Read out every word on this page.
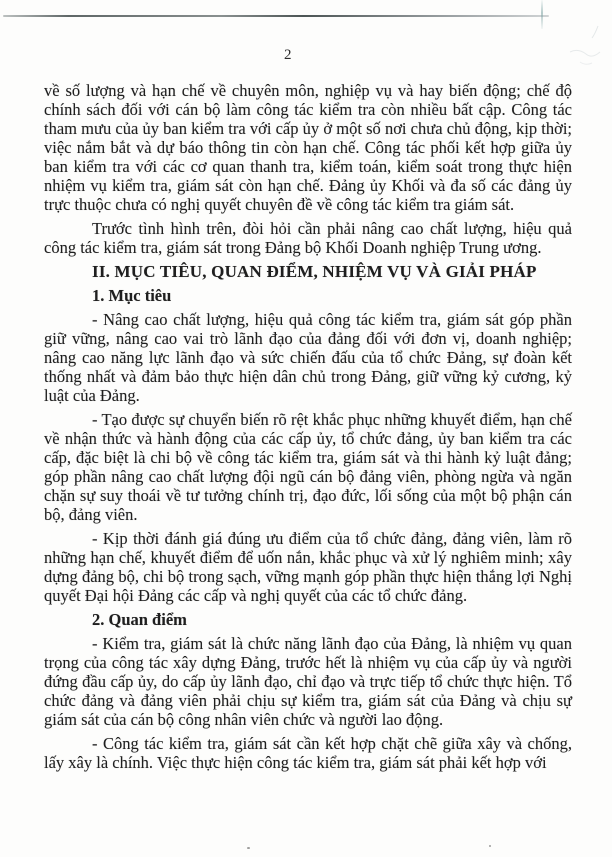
2

về số lượng và hạn chế về chuyên môn, nghiệp vụ và hay biến động; chế độ chính sách đối với cán bộ làm công tác kiểm tra còn nhiều bất cập. Công tác tham mưu của ủy ban kiểm tra với cấp ủy ở một số nơi chưa chủ động, kịp thời; việc nắm bắt và dự báo thông tin còn hạn chế. Công tác phối kết hợp giữa ủy ban kiểm tra với các cơ quan thanh tra, kiểm toán, kiểm soát trong thực hiện nhiệm vụ kiểm tra, giám sát còn hạn chế. Đảng ủy Khối và đa số các đảng ủy trực thuộc chưa có nghị quyết chuyên đề về công tác kiểm tra giám sát.

Trước tình hình trên, đòi hỏi cần phải nâng cao chất lượng, hiệu quả công tác kiểm tra, giám sát trong Đảng bộ Khối Doanh nghiệp Trung ương.

II. MỤC TIÊU, QUAN ĐIỂM, NHIỆM VỤ VÀ GIẢI PHÁP

1. Mục tiêu

- Nâng cao chất lượng, hiệu quả công tác kiểm tra, giám sát góp phần giữ vững, nâng cao vai trò lãnh đạo của đảng đối với đơn vị, doanh nghiệp; nâng cao năng lực lãnh đạo và sức chiến đấu của tổ chức Đảng, sự đoàn kết thống nhất và đảm bảo thực hiện dân chủ trong Đảng, giữ vững kỷ cương, kỷ luật của Đảng.

- Tạo được sự chuyển biến rõ rệt khắc phục những khuyết điểm, hạn chế về nhận thức và hành động của các cấp ủy, tổ chức đảng, ủy ban kiểm tra các cấp, đặc biệt là chi bộ về công tác kiểm tra, giám sát và thi hành kỷ luật đảng; góp phần nâng cao chất lượng đội ngũ cán bộ đảng viên, phòng ngừa và ngăn chặn sự suy thoái về tư tưởng chính trị, đạo đức, lối sống của một bộ phận cán bộ, đảng viên.

- Kịp thời đánh giá đúng ưu điểm của tổ chức đảng, đảng viên, làm rõ những hạn chế, khuyết điểm để uốn nắn, khắc phục và xử lý nghiêm minh; xây dựng đảng bộ, chi bộ trong sạch, vững mạnh góp phần thực hiện thắng lợi Nghị quyết Đại hội Đảng các cấp và nghị quyết của các tổ chức đảng.

2. Quan điểm

- Kiểm tra, giám sát là chức năng lãnh đạo của Đảng, là nhiệm vụ quan trọng của công tác xây dựng Đảng, trước hết là nhiệm vụ của cấp ủy và người đứng đầu cấp ủy, do cấp ủy lãnh đạo, chỉ đạo và trực tiếp tổ chức thực hiện. Tổ chức đảng và đảng viên phải chịu sự kiểm tra, giám sát của Đảng và chịu sự giám sát của cán bộ công nhân viên chức và người lao động.

- Công tác kiểm tra, giám sát cần kết hợp chặt chẽ giữa xây và chống, lấy xây là chính. Việc thực hiện công tác kiểm tra, giám sát phải kết hợp với
